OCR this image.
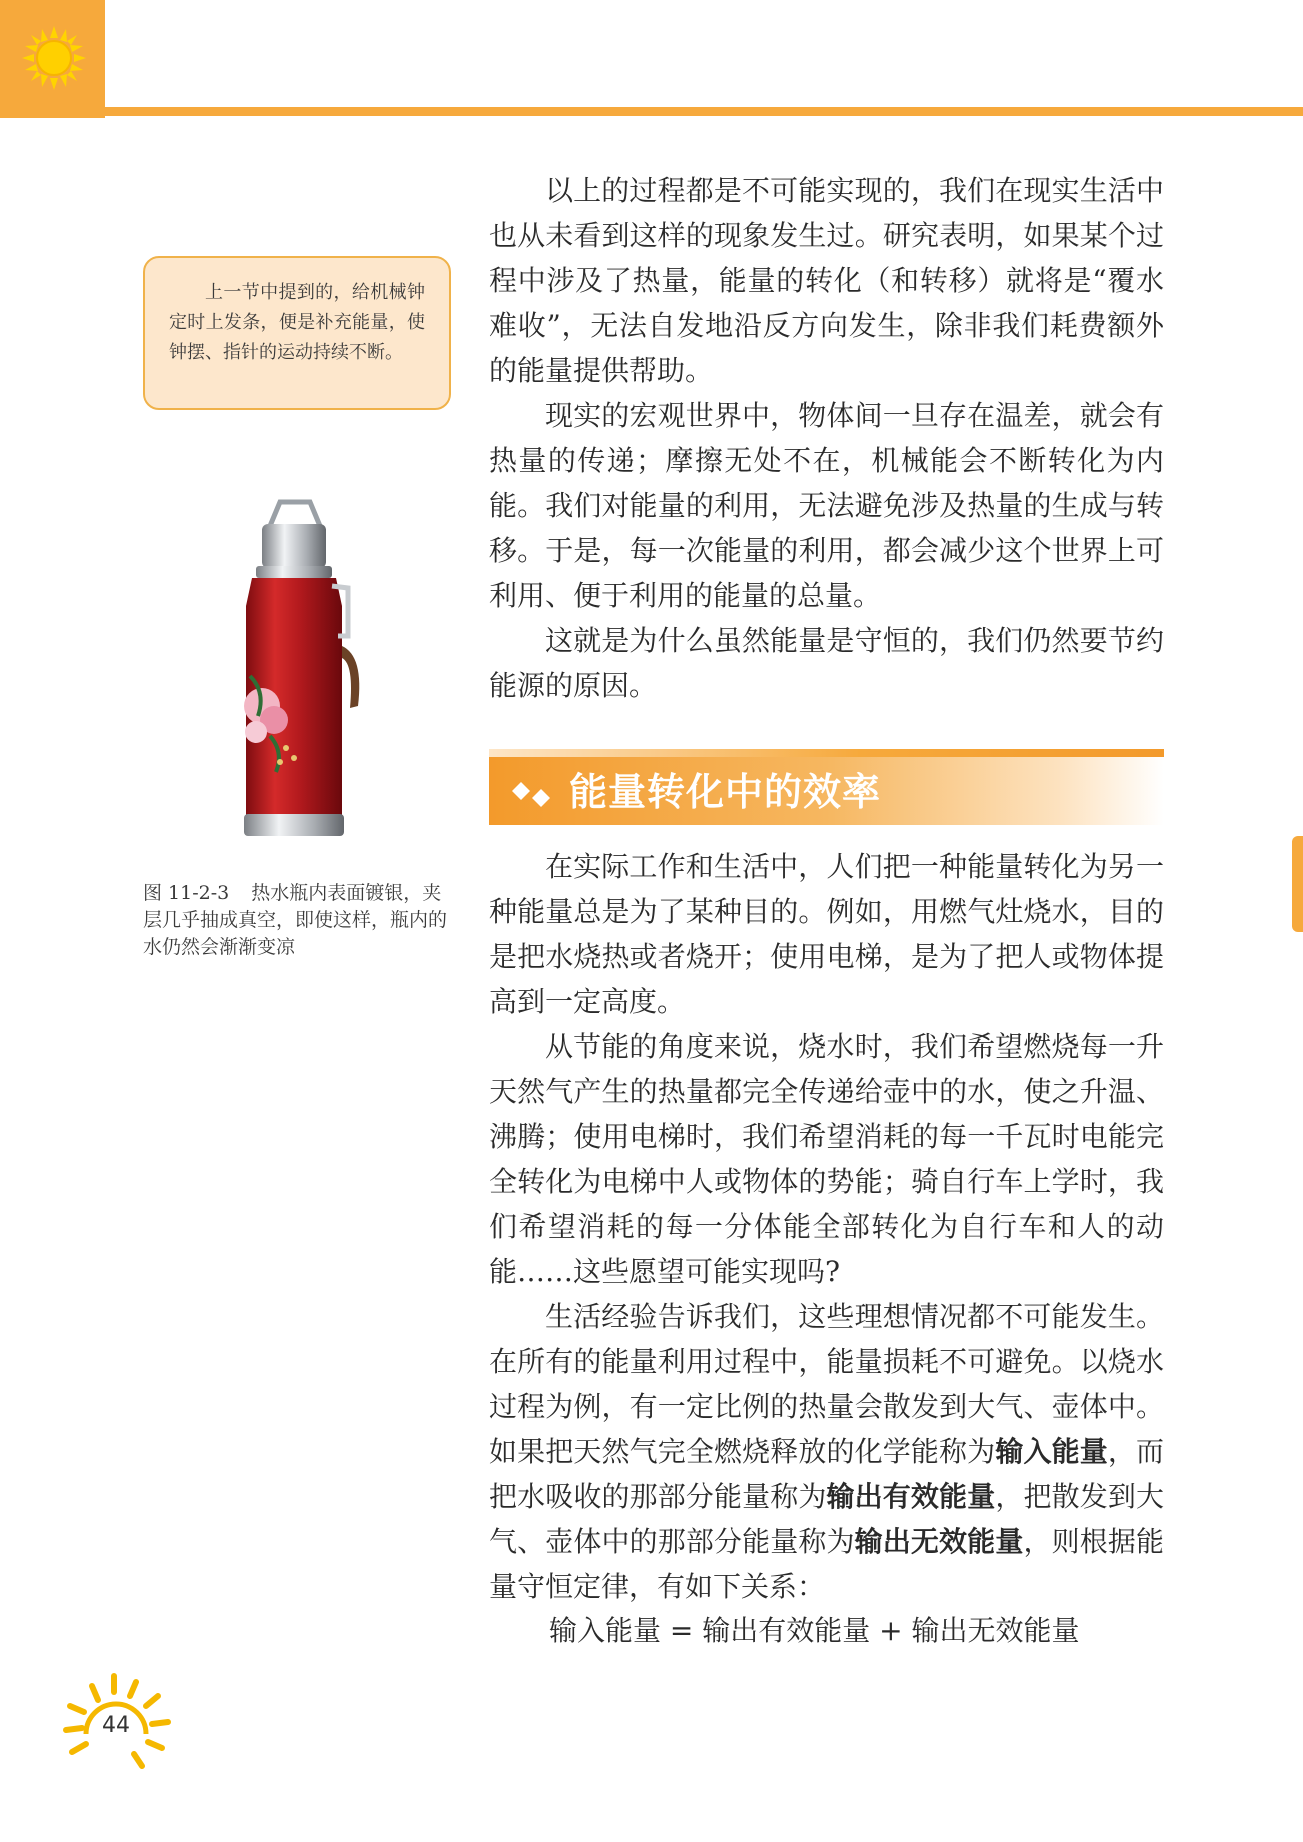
上一节中提到的，给机械钟定时上发条，便是补充能量，使钟摆、指针的运动持续不断。

图 11-2-3 热水瓶内表面镀银，夹层几乎抽成真空，即使这样，瓶内的水仍然会渐渐变凉

以上的过程都是不可能实现的，我们在现实生活中也从未看到这样的现象发生过。研究表明，如果某个过程中涉及了热量，能量的转化（和转移）就将是“覆水难收”，无法自发地沿反方向发生，除非我们耗费额外的能量提供帮助。

现实的宏观世界中，物体间一旦存在温差，就会有热量的传递；摩擦无处不在，机械能会不断转化为内能。我们对能量的利用，无法避免涉及热量的生成与转移。于是，每一次能量的利用，都会减少这个世界上可利用、便于利用的能量的总量。

这就是为什么虽然能量是守恒的，我们仍然要节约能源的原因。

能量转化中的效率

在实际工作和生活中，人们把一种能量转化为另一种能量总是为了某种目的。例如，用燃气灶烧水，目的是把水烧热或者烧开；使用电梯，是为了把人或物体提高到一定高度。

从节能的角度来说，烧水时，我们希望燃烧每一升天然气产生的热量都完全传递给壶中的水，使之升温、沸腾；使用电梯时，我们希望消耗的每一千瓦时电能完全转化为电梯中人或物体的势能；骑自行车上学时，我们希望消耗的每一分体能全部转化为自行车和人的动能……这些愿望可能实现吗?

生活经验告诉我们，这些理想情况都不可能发生。在所有的能量利用过程中，能量损耗不可避免。以烧水过程为例，有一定比例的热量会散发到大气、壶体中。如果把天然气完全燃烧释放的化学能称为输入能量，而把水吸收的那部分能量称为输出有效能量，把散发到大气、壶体中的那部分能量称为输出无效能量，则根据能量守恒定律，有如下关系：

输入能量 = 输出有效能量 + 输出无效能量
44
